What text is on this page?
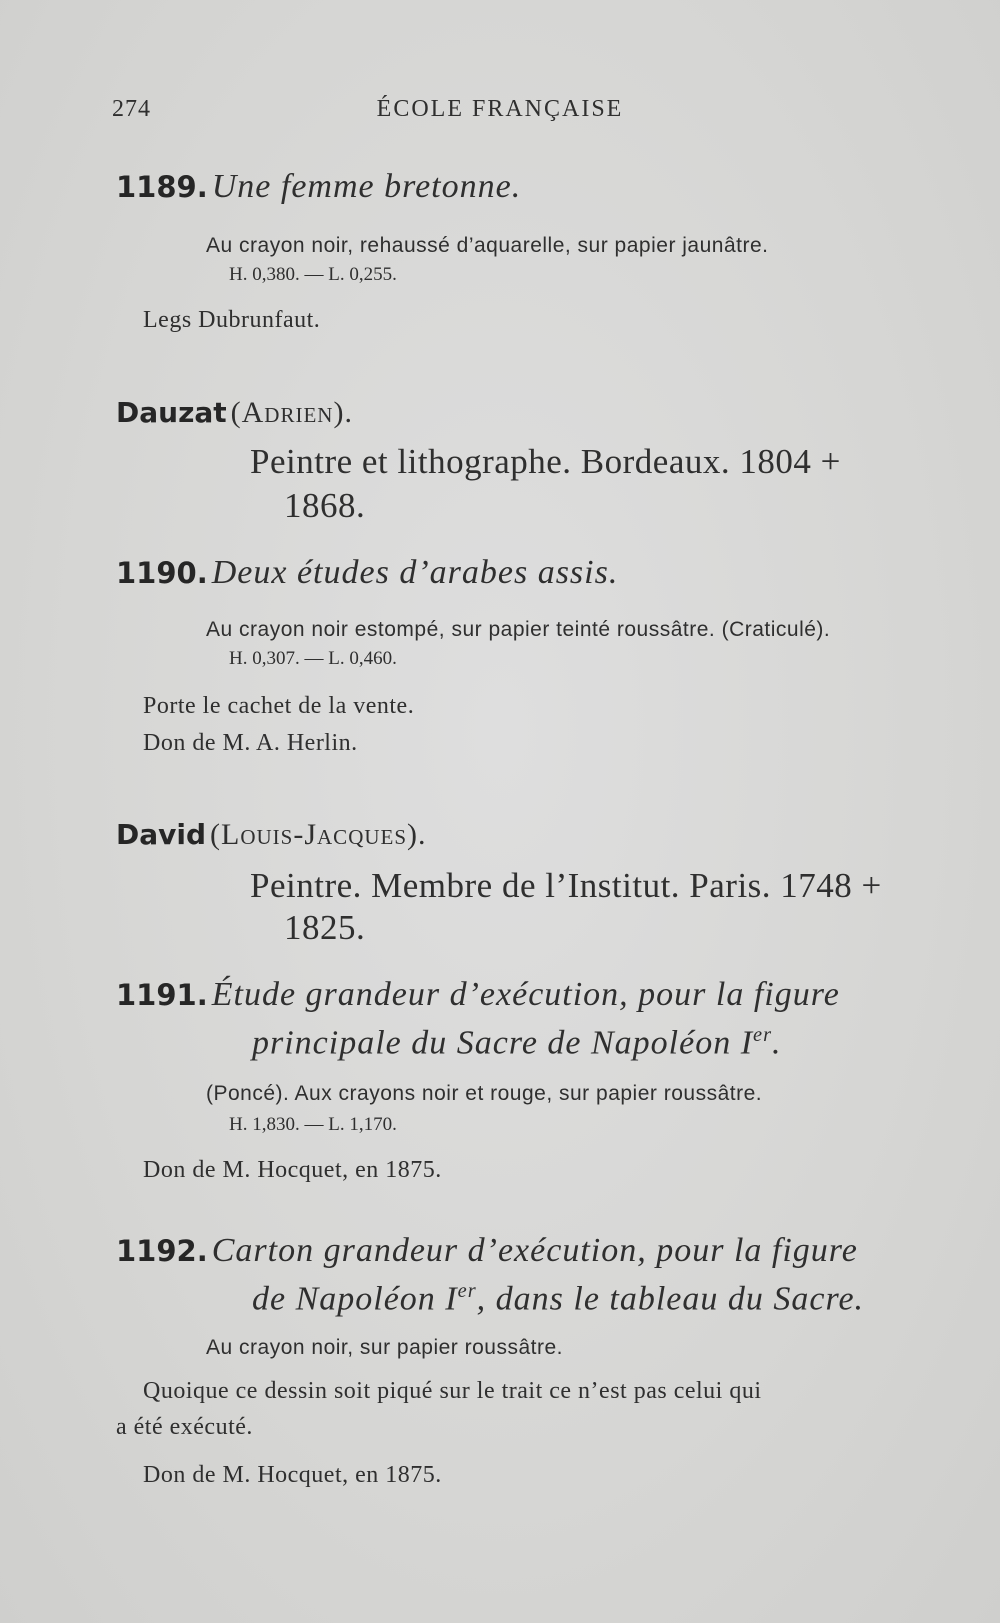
274	ÉCOLE FRANÇAISE
1189. Une femme bretonne.
Au crayon noir, rehaussé d’aquarelle, sur papier jaunâtre.
H. 0,380. — L. 0,255.
Legs Dubrunfaut.
Dauzat (Adrien).
Peintre et lithographe. Bordeaux. 1804 +
1868.
1190. Deux études d’arabes assis.
Au crayon noir estompé, sur papier teinté roussâtre. (Craticulé).
H. 0,307. — L. 0,460.
Porte le cachet de la vente.
Don de M. A. Herlin.
David (Louis-Jacques).
Peintre. Membre de l’Institut. Paris. 1748 +
1825.
1191. Étude grandeur d’exécution, pour la figure
principale du Sacre de Napoléon Ier.
(Poncé). Aux crayons noir et rouge, sur papier roussâtre.
H. 1,830. — L. 1,170.
Don de M. Hocquet, en 1875.
1192. Carton grandeur d’exécution, pour la figure
de Napoléon Ier, dans le tableau du Sacre.
Au crayon noir, sur papier roussâtre.
Quoique ce dessin soit piqué sur le trait ce n’est pas celui qui
a été exécuté.
Don de M. Hocquet, en 1875.
